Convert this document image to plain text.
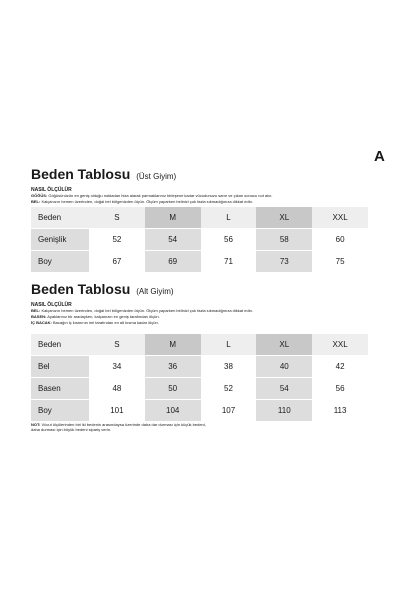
A
Beden Tablosu (Üst Giyim)
NASIL ÖLÇÜLÜR
GÖĞÜS: Göğüsünüzün en geniş olduğu noktadan hiza alarak parmaklarınız birleşene kadar vücudunuzu sarın ve çıkan sonucu not alın.
BEL: Kalçanızın hemen üzerinden, doğal bel bölgenizden ölçün. Ölçüm yaparken belinizi çok fazla sıkmadığınıza dikkat edin.
Beden	S	M	L	XL	XXL
Genişlik	52	54	56	58	60
Boy	67	69	71	73	75
Beden Tablosu (Alt Giyim)
NASIL ÖLÇÜLÜR
BEL: Kalçanızın hemen üzerinden, doğal bel bölgenizden ölçün. Ölçüm yaparken belinizi çok fazla sıkmadığınıza dikkat edin.
BASEN: Ayaklarınız bir aradayken, kalçanızın en geniş tarafından ölçün.
İÇ BACAK: Bacağın iç kısmının iml tarafından en alt kısma kadar ölçün.
Beden	S	M	L	XL	XXL
Bel	34	36	38	40	42
Basen	48	50	52	54	56
Boy	101	104	107	110	113
NOT: Vücut ölçülerinden biri iki bedenin arasındaysa üzerinde daha dar durması için küçük bedeni,
daha durması için büyük bedeni sipariş verin.
